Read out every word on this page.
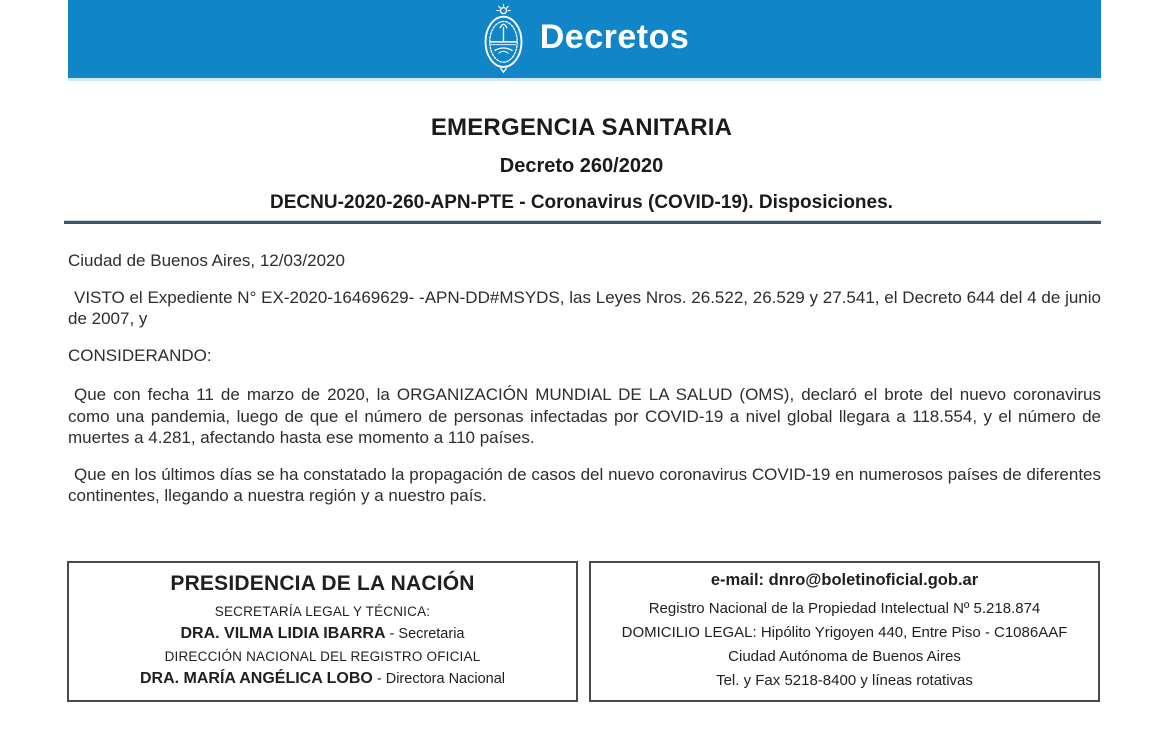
Decretos
EMERGENCIA SANITARIA
Decreto 260/2020
DECNU-2020-260-APN-PTE - Coronavirus (COVID-19). Disposiciones.

Ciudad de Buenos Aires, 12/03/2020

VISTO el Expediente N° EX-2020-16469629- -APN-DD#MSYDS, las Leyes Nros. 26.522, 26.529 y 27.541, el Decreto 644 del 4 de junio de 2007, y

CONSIDERANDO:

Que con fecha 11 de marzo de 2020, la ORGANIZACIÓN MUNDIAL DE LA SALUD (OMS), declaró el brote del nuevo coronavirus como una pandemia, luego de que el número de personas infectadas por COVID-19 a nivel global llegara a 118.554, y el número de muertes a 4.281, afectando hasta ese momento a 110 países.

Que en los últimos días se ha constatado la propagación de casos del nuevo coronavirus COVID-19 en numerosos países de diferentes continentes, llegando a nuestra región y a nuestro país.

PRESIDENCIA DE LA NACIÓN
SECRETARÍA LEGAL Y TÉCNICA:
DRA. VILMA LIDIA IBARRA - Secretaria
DIRECCIÓN NACIONAL DEL REGISTRO OFICIAL
DRA. MARÍA ANGÉLICA LOBO - Directora Nacional
e-mail: dnro@boletinoficial.gob.ar
Registro Nacional de la Propiedad Intelectual Nº 5.218.874
DOMICILIO LEGAL: Hipólito Yrigoyen 440, Entre Piso - C1086AAF
Ciudad Autónoma de Buenos Aires
Tel. y Fax 5218-8400 y líneas rotativas
